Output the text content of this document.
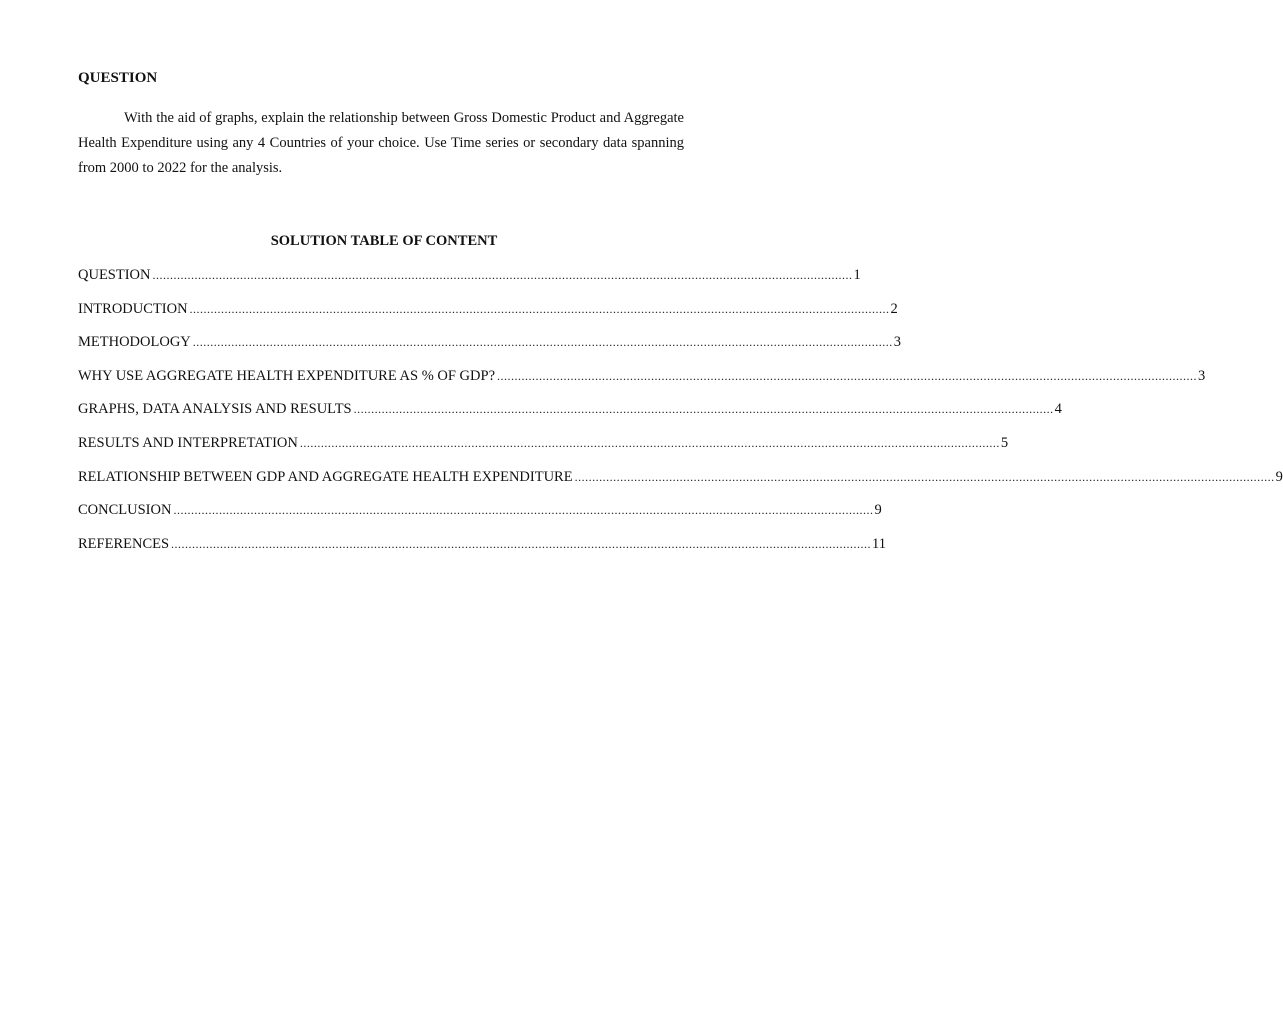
QUESTION

With the aid of graphs, explain the relationship between Gross Domestic Product and Aggregate Health Expenditure using any 4 Countries of your choice. Use Time series or secondary data spanning from 2000 to 2022 for the analysis.

SOLUTION TABLE OF CONTENT
QUESTION ........................................................................................................................................................................................................ 1
INTRODUCTION ........................................................................................................................................................................................................ 2
METHODOLOGY ........................................................................................................................................................................................................ 3
WHY USE AGGREGATE HEALTH EXPENDITURE AS % OF GDP? ........................................................................................................................................................................................................ 3
GRAPHS, DATA ANALYSIS AND RESULTS ........................................................................................................................................................................................................ 4
RESULTS AND INTERPRETATION ........................................................................................................................................................................................................ 5
RELATIONSHIP BETWEEN GDP AND AGGREGATE HEALTH EXPENDITURE ........................................................................................................................................................................................................ 9
CONCLUSION ........................................................................................................................................................................................................ 9
REFERENCES ........................................................................................................................................................................................................ 11
